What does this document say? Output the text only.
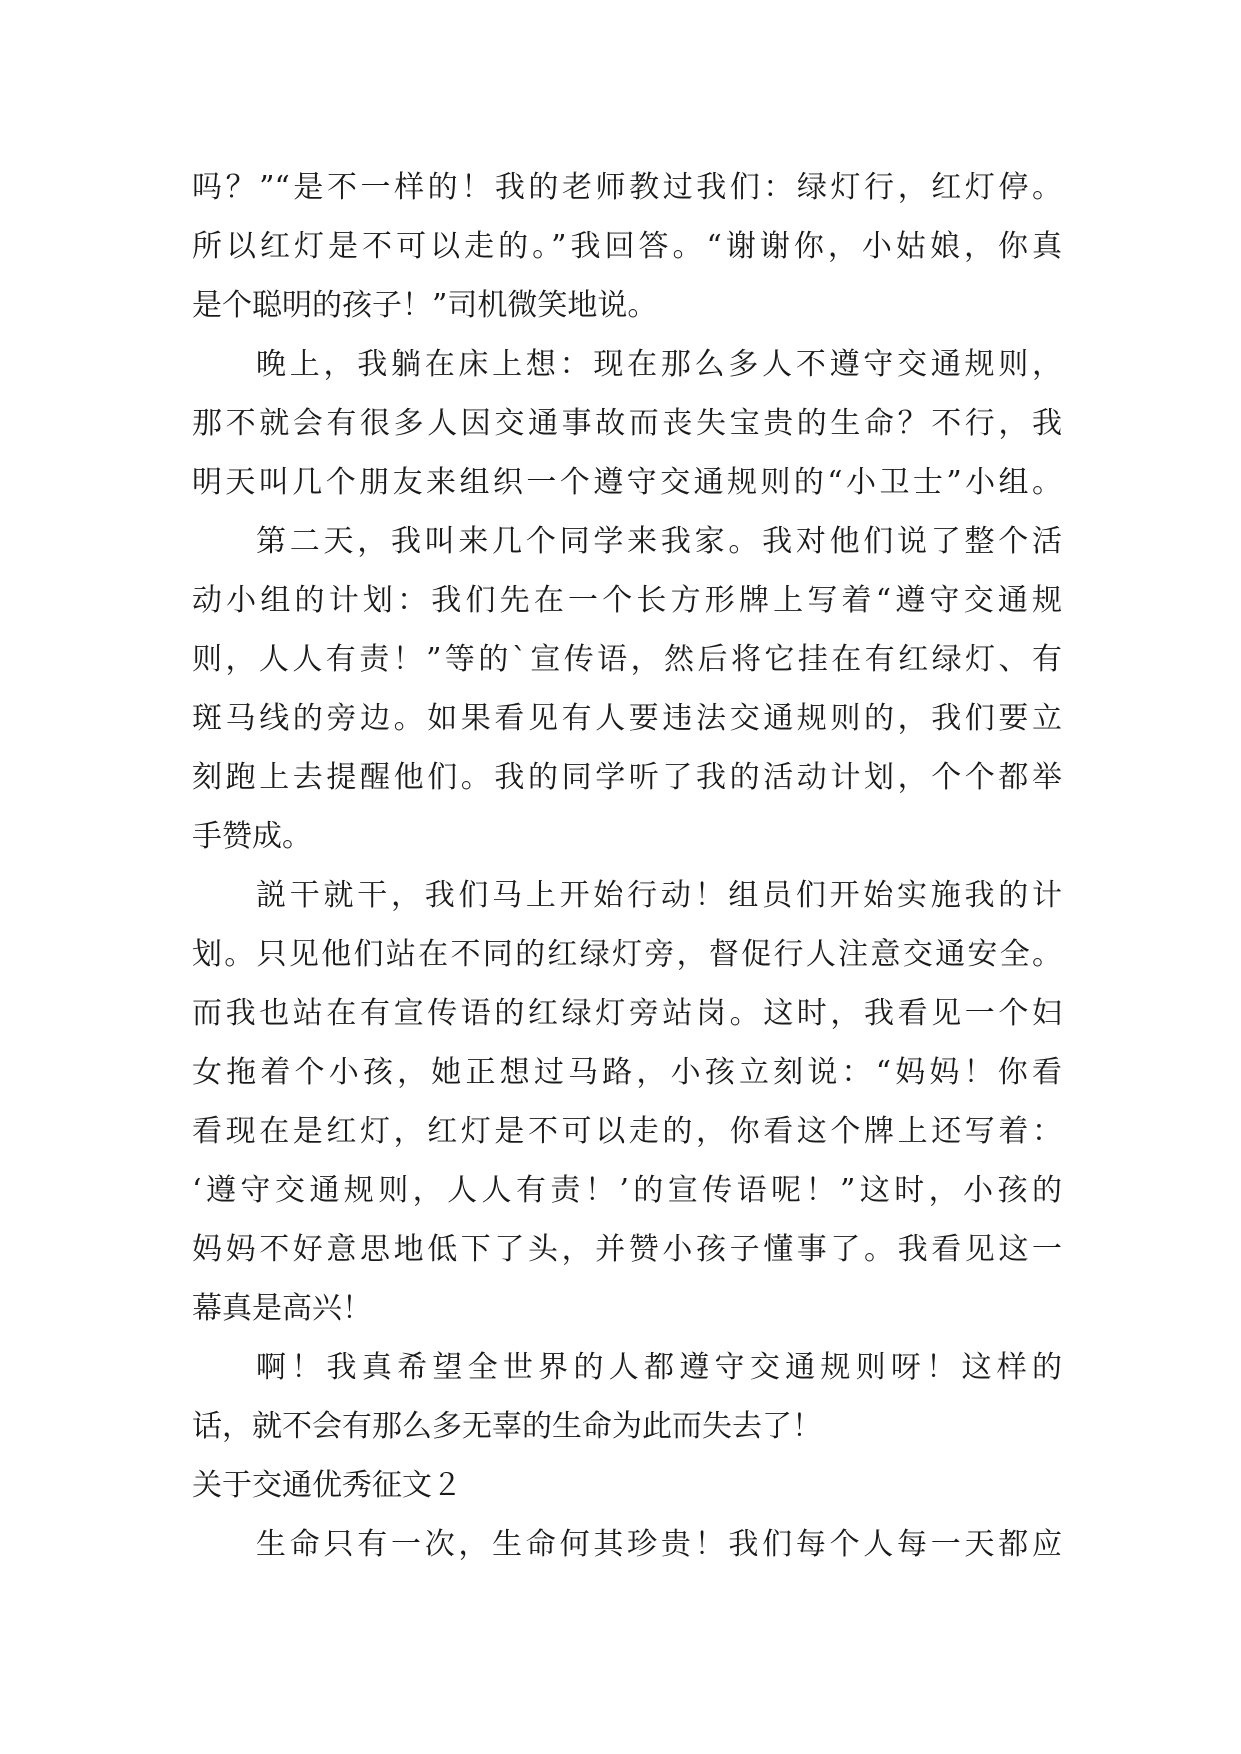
吗？”“是不一样的！我的老师教过我们：绿灯行，红灯停。
所以红灯是不可以走的。”我回答。“谢谢你，小姑娘，你真
是个聪明的孩子！”司机微笑地说。
晚上，我躺在床上想：现在那么多人不遵守交通规则，
那不就会有很多人因交通事故而丧失宝贵的生命？不行，我
明天叫几个朋友来组织一个遵守交通规则的“小卫士”小组。
第二天，我叫来几个同学来我家。我对他们说了整个活
动小组的计划：我们先在一个长方形牌上写着“遵守交通规
则，人人有责！”等的`宣传语，然后将它挂在有红绿灯、有
斑马线的旁边。如果看见有人要违法交通规则的，我们要立
刻跑上去提醒他们。我的同学听了我的活动计划，个个都举
手赞成。
説干就干，我们马上开始行动！组员们开始实施我的计
划。只见他们站在不同的红绿灯旁，督促行人注意交通安全。
而我也站在有宣传语的红绿灯旁站岗。这时，我看见一个妇
女拖着个小孩，她正想过马路，小孩立刻说：“妈妈！你看
看现在是红灯，红灯是不可以走的，你看这个牌上还写着：
‘遵守交通规则，人人有责！’的宣传语呢！”这时，小孩的
妈妈不好意思地低下了头，并赞小孩子懂事了。我看见这一
幕真是高兴！
啊！我真希望全世界的人都遵守交通规则呀！这样的
话，就不会有那么多无辜的生命为此而失去了！
关于交通优秀征文２
生命只有一次，生命何其珍贵！我们每个人每一天都应
